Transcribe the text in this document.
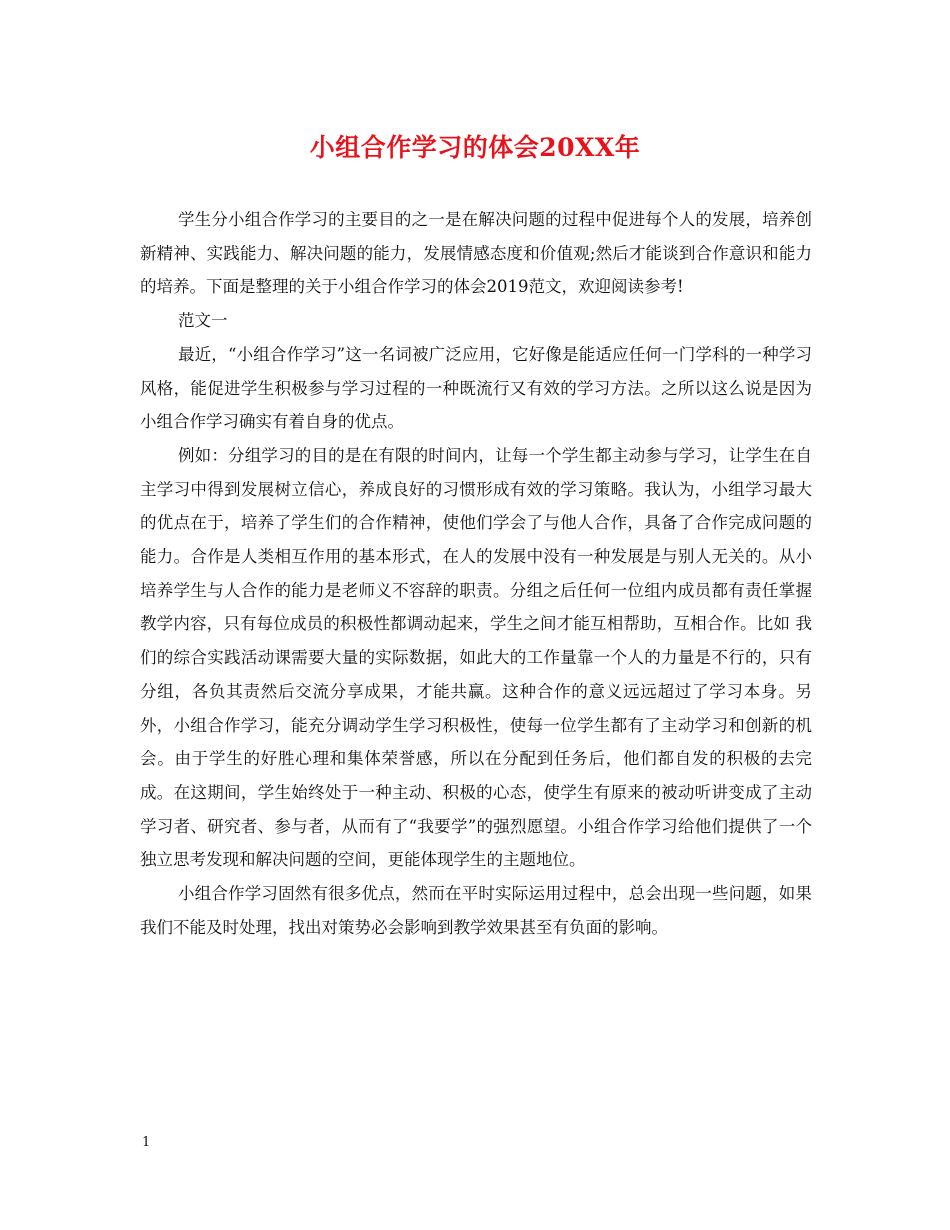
小组合作学习的体会20XX年

学生分小组合作学习的主要目的之一是在解决问题的过程中促进每个人的发展，培养创新精神、实践能力、解决问题的能力，发展情感态度和价值观;然后才能谈到合作意识和能力的培养。下面是整理的关于小组合作学习的体会2019范文，欢迎阅读参考!

范文一

最近，“小组合作学习”这一名词被广泛应用，它好像是能适应任何一门学科的一种学习风格，能促进学生积极参与学习过程的一种既流行又有效的学习方法。之所以这么说是因为小组合作学习确实有着自身的优点。

例如：分组学习的目的是在有限的时间内，让每一个学生都主动参与学习，让学生在自主学习中得到发展树立信心，养成良好的习惯形成有效的学习策略。我认为，小组学习最大的优点在于，培养了学生们的合作精神，使他们学会了与他人合作，具备了合作完成问题的能力。合作是人类相互作用的基本形式，在人的发展中没有一种发展是与别人无关的。从小培养学生与人合作的能力是老师义不容辞的职责。分组之后任何一位组内成员都有责任掌握教学内容，只有每位成员的积极性都调动起来，学生之间才能互相帮助，互相合作。比如 我们的综合实践活动课需要大量的实际数据，如此大的工作量靠一个人的力量是不行的，只有分组，各负其责然后交流分享成果，才能共赢。这种合作的意义远远超过了学习本身。另外，小组合作学习，能充分调动学生学习积极性，使每一位学生都有了主动学习和创新的机会。由于学生的好胜心理和集体荣誉感，所以在分配到任务后，他们都自发的积极的去完成。在这期间，学生始终处于一种主动、积极的心态，使学生有原来的被动听讲变成了主动学习者、研究者、参与者，从而有了“我要学”的强烈愿望。小组合作学习给他们提供了一个独立思考发现和解决问题的空间，更能体现学生的主题地位。

小组合作学习固然有很多优点，然而在平时实际运用过程中，总会出现一些问题，如果我们不能及时处理，找出对策势必会影响到教学效果甚至有负面的影响。

1
